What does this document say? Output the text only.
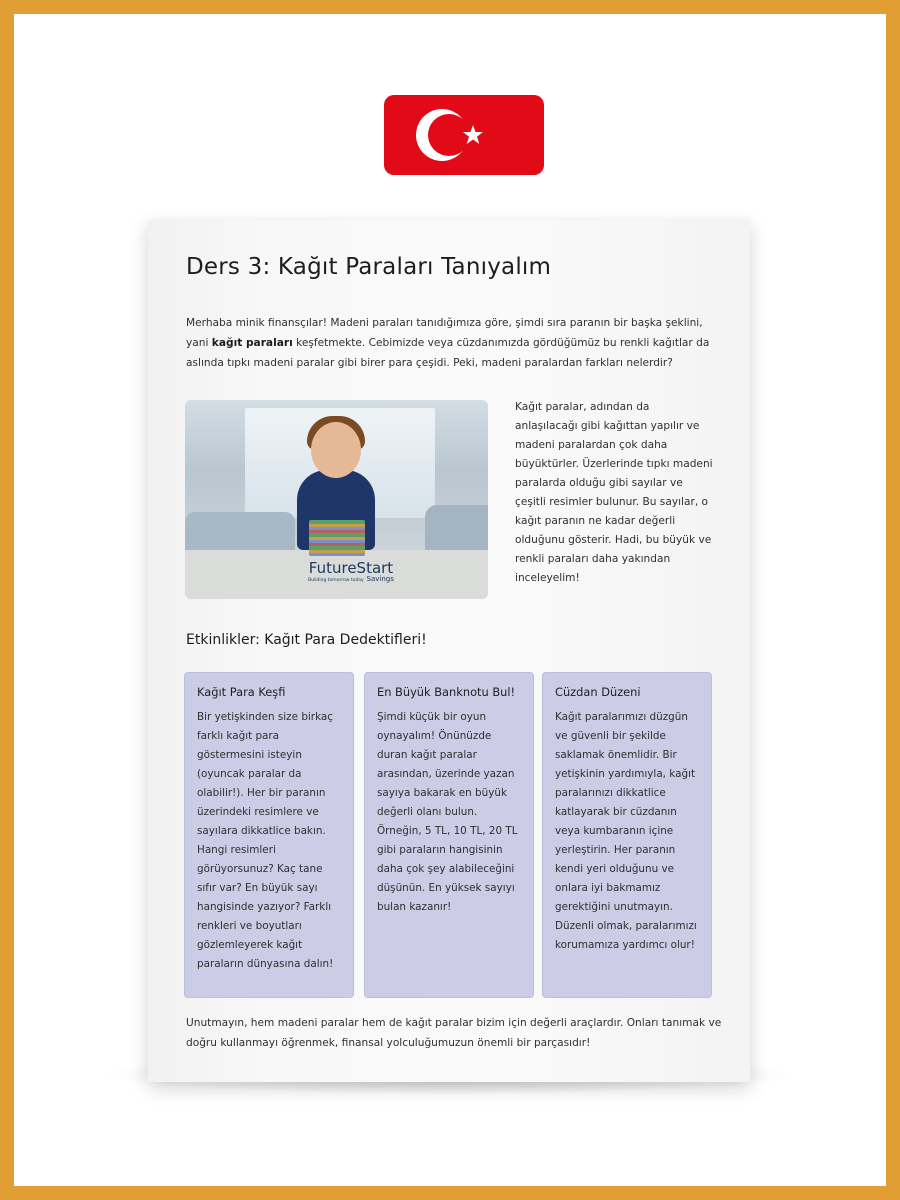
Ders 3: Kağıt Paraları Tanıyalım

Merhaba minik finansçılar! Madeni paraları tanıdığımıza göre, şimdi sıra paranın bir başka şeklini, yani kağıt paraları keşfetmekte. Cebimizde veya cüzdanımızda gördüğümüz bu renkli kağıtlar da aslında tıpkı madeni paralar gibi birer para çeşidi. Peki, madeni paralardan farkları nelerdir?

FutureStart
Building tomorrow today Savings

Kağıt paralar, adından da anlaşılacağı gibi kağıttan yapılır ve madeni paralardan çok daha büyüktürler. Üzerlerinde tıpkı madeni paralarda olduğu gibi sayılar ve çeşitli resimler bulunur. Bu sayılar, o kağıt paranın ne kadar değerli olduğunu gösterir. Hadi, bu büyük ve renkli paraları daha yakından inceleyelim!

Etkinlikler: Kağıt Para Dedektifleri!
Kağıt Para Keşfi

Bir yetişkinden size birkaç farklı kağıt para göstermesini isteyin (oyuncak paralar da olabilir!). Her bir paranın üzerindeki resimlere ve sayılara dikkatlice bakın. Hangi resimleri görüyorsunuz? Kaç tane sıfır var? En büyük sayı hangisinde yazıyor? Farklı renkleri ve boyutları gözlemleyerek kağıt paraların dünyasına dalın!

En Büyük Banknotu Bul!

Şimdi küçük bir oyun oynayalım! Önünüzde duran kağıt paralar arasından, üzerinde yazan sayıya bakarak en büyük değerli olanı bulun. Örneğin, 5 TL, 10 TL, 20 TL gibi paraların hangisinin daha çok şey alabileceğini düşünün. En yüksek sayıyı bulan kazanır!

Cüzdan Düzeni

Kağıt paralarımızı düzgün ve güvenli bir şekilde saklamak önemlidir. Bir yetişkinin yardımıyla, kağıt paralarınızı dikkatlice katlayarak bir cüzdanın veya kumbaranın içine yerleştirin. Her paranın kendi yeri olduğunu ve onlara iyi bakmamız gerektiğini unutmayın. Düzenli olmak, paralarımızı korumamıza yardımcı olur!

Unutmayın, hem madeni paralar hem de kağıt paralar bizim için değerli araçlardır. Onları tanımak ve doğru kullanmayı öğrenmek, finansal yolculuğumuzun önemli bir parçasıdır!
